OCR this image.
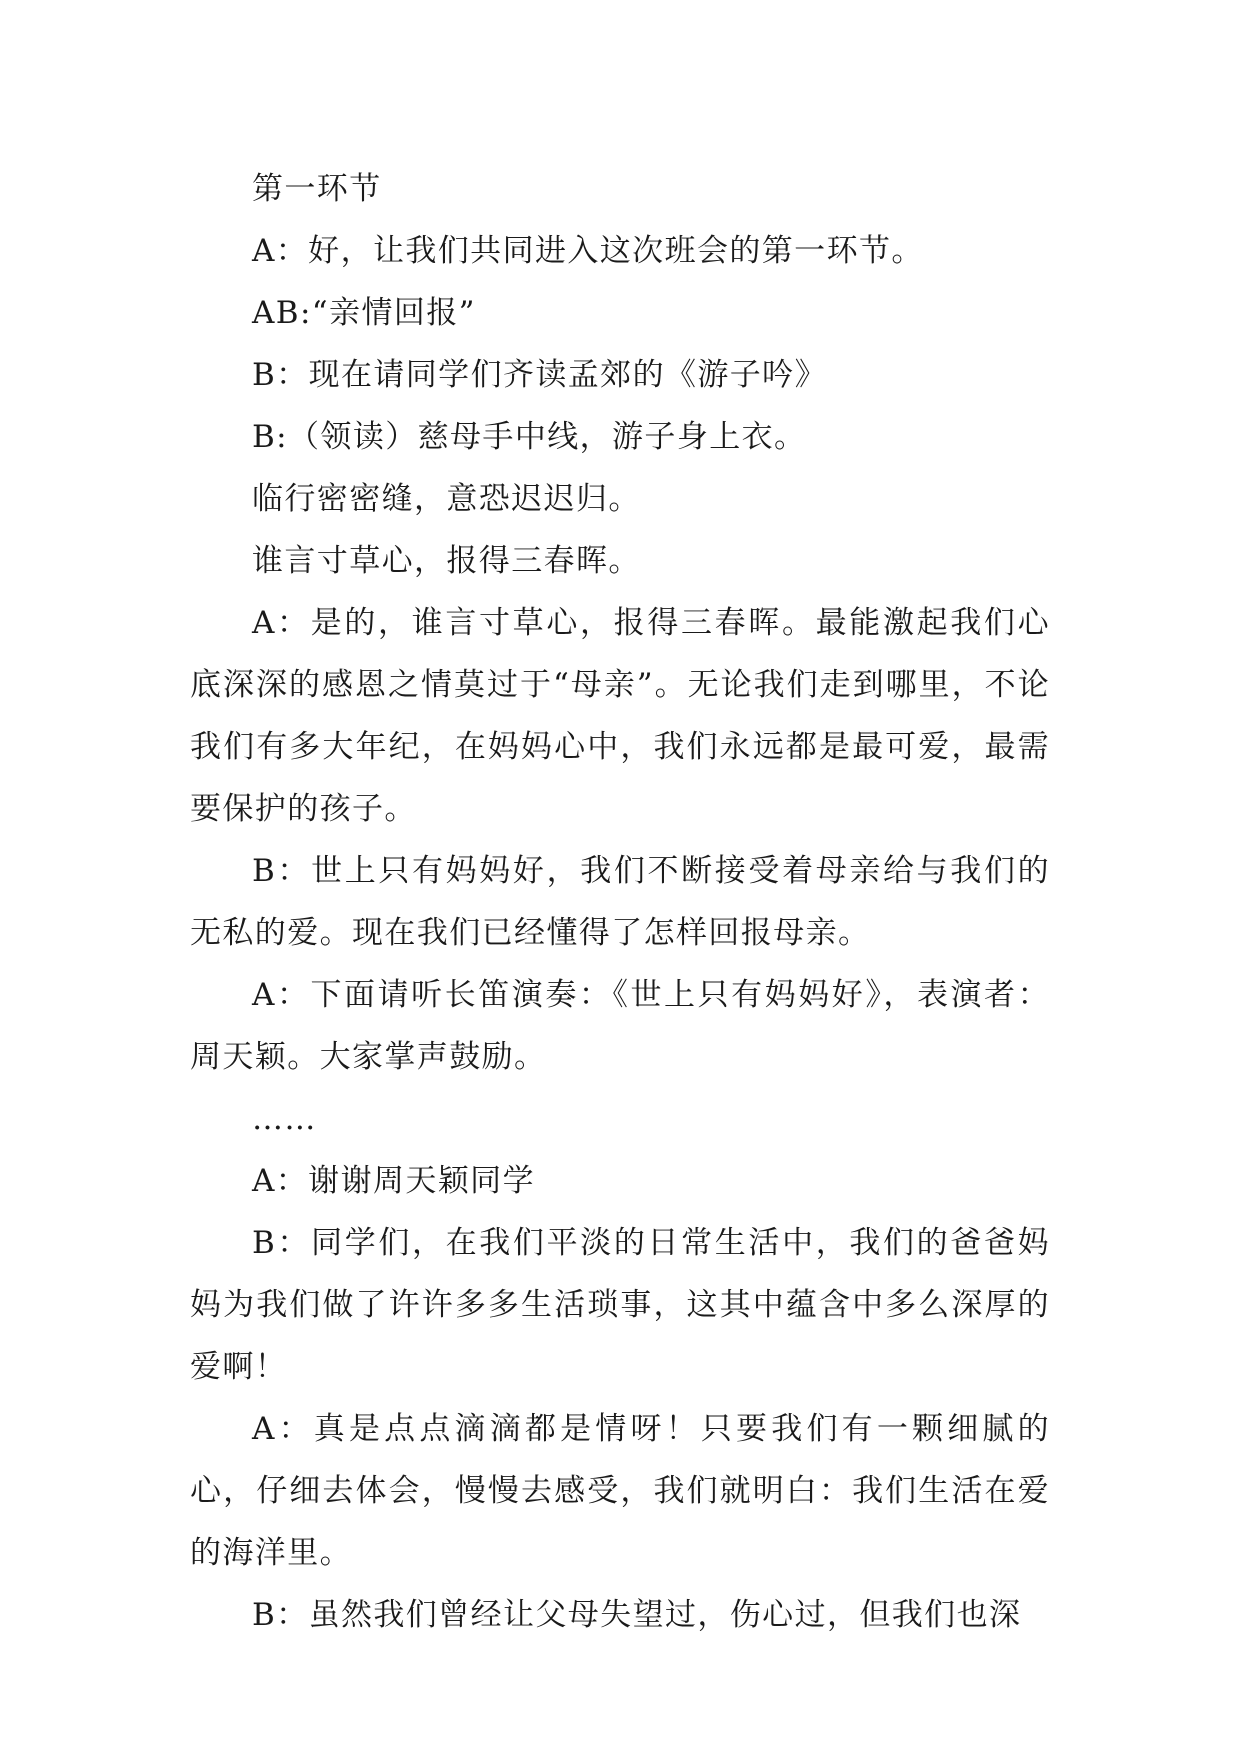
第一环节

A：好，让我们共同进入这次班会的第一环节。

AB:“亲情回报”

B：现在请同学们齐读孟郊的《游子吟》

B:（领读）慈母手中线，游子身上衣。

临行密密缝，意恐迟迟归。

谁言寸草心，报得三春晖。

A：是的，谁言寸草心，报得三春晖。最能激起我们心底深深的感恩之情莫过于“母亲”。无论我们走到哪里，不论我们有多大年纪，在妈妈心中，我们永远都是最可爱，最需要保护的孩子。

B：世上只有妈妈好，我们不断接受着母亲给与我们的无私的爱。现在我们已经懂得了怎样回报母亲。

A：下面请听长笛演奏：《世上只有妈妈好》，表演者：周天颖。大家掌声鼓励。

……

A：谢谢周天颖同学

B：同学们，在我们平淡的日常生活中，我们的爸爸妈妈为我们做了许许多多生活琐事，这其中蕴含中多么深厚的爱啊！

A：真是点点滴滴都是情呀！只要我们有一颗细腻的心，仔细去体会，慢慢去感受，我们就明白：我们生活在爱的海洋里。

B：虽然我们曾经让父母失望过，伤心过，但我们也深
